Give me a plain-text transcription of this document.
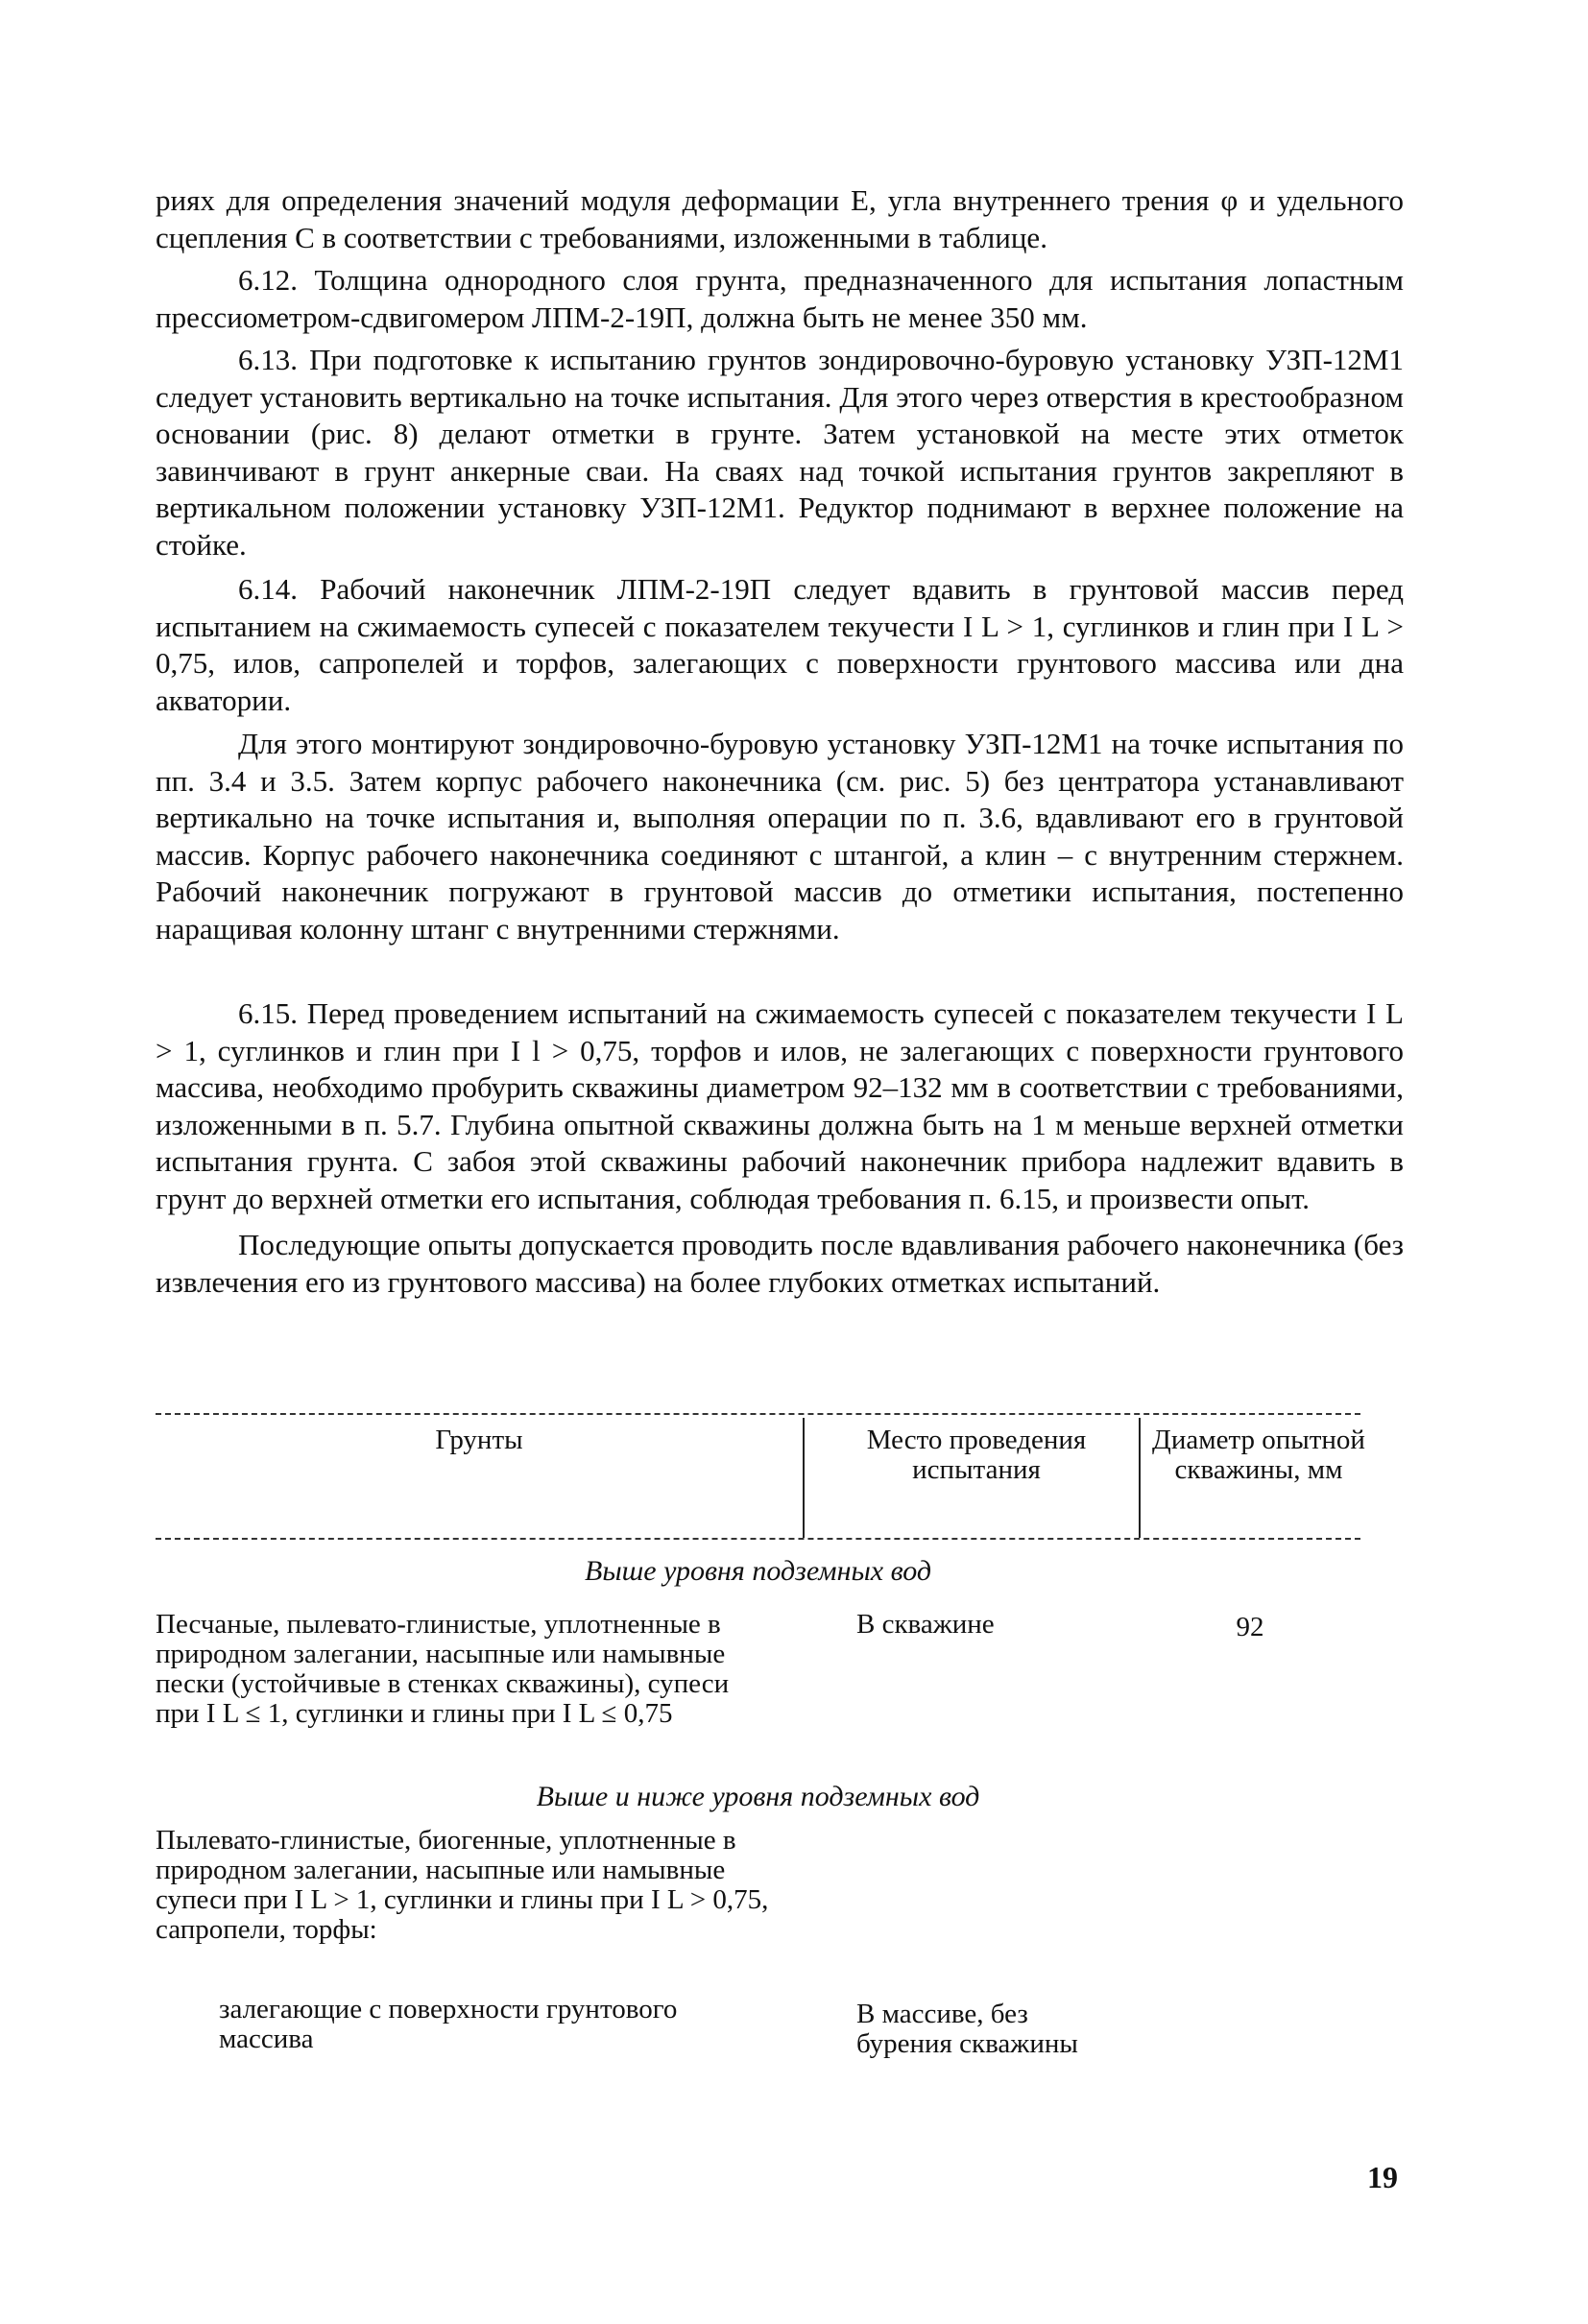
риях для определения значений модуля деформации Е, угла внутреннего трения φ и удельного сцепления С в соответствии с требованиями, изложенными в таблице.

6.12. Толщина однородного слоя грунта, предназначенного для испытания лопастным прессиометром-сдвигомером ЛПМ-2-19П, должна быть не менее 350 мм.

6.13. При подготовке к испытанию грунтов зондировочно-буровую установку УЗП-12М1 следует установить вертикально на точке испытания. Для этого через отверстия в крестообразном основании (рис. 8) делают отметки в грунте. Затем установкой на месте этих отметок завинчивают в грунт анкерные сваи. На сваях над точкой испытания грунтов закрепляют в вертикальном положении установку УЗП-12М1. Редуктор поднимают в верхнее положение на стойке.

6.14. Рабочий наконечник ЛПМ-2-19П следует вдавить в грунтовой массив перед испытанием на сжимаемость супесей с показателем текучести I L > 1, суглинков и глин при I L > 0,75, илов, сапропелей и торфов, залегающих с поверхности грунтового массива или дна акватории.

Для этого монтируют зондировочно-буровую установку УЗП-12М1 на точке испытания по пп. 3.4 и 3.5. Затем корпус рабочего наконечника (см. рис. 5) без центратора устанавливают вертикально на точке испытания и, выполняя операции по п. 3.6, вдавливают его в грунтовой массив. Корпус рабочего наконечника соединяют с штангой, а клин – с внутренним стержнем. Рабочий наконечник погружают в грунтовой массив до отметики испытания, постепенно наращивая колонну штанг с внутренними стержнями.

6.15. Перед проведением испытаний на сжимаемость супесей с показателем текучести I L > 1, суглинков и глин при I l > 0,75, торфов и илов, не залегающих с поверхности грунтового массива, необходимо пробурить скважины диаметром 92–132 мм в соответствии с требованиями, изложенными в п. 5.7. Глубина опытной скважины должна быть на 1 м меньше верхней отметки испытания грунта. С забоя этой скважины рабочий наконечник прибора надлежит вдавить в грунт до верхней отметки его испытания, соблюдая требования п. 6.15, и произвести опыт.

Последующие опыты допускается проводить после вдавливания рабочего наконечника (без извлечения его из грунтового массива) на более глубоких отметках испытаний.

Грунты	Место проведения испытания
Диаметр опытной скважины, мм
Выше уровня подземных вод
Песчаные, пылевато-глинистые, уплотненные в природном залегании, насыпные или намывные пески (устойчивые в стенках скважины), супеси при I L ≤ 1, суглинки и глины при I L ≤ 0,75
В скважине	92
Выше и ниже уровня подземных вод
Пылевато-глинистые, биогенные, уплотненные в природном залегании, насыпные или намывные супеси при I L > 1, суглинки и глины при I L > 0,75, сапропели, торфы:
залегающие с поверхности грунтового массива
В массиве, без бурения скважины
19
